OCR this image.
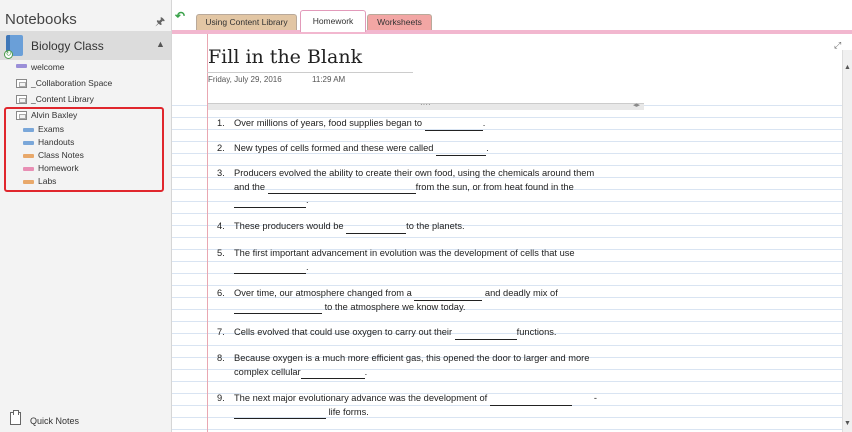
Notebooks	🖈
↻
Biology Class	▲
welcome
_Collaboration Space
_Content Library
Alvin Baxley
Exams
Handouts
Class Notes
Homework
Labs
Quick Notes
↶	Using Content Library	Homework	Worksheets
Fill in the Blank
Friday, July 29, 2016	11:29 AM
····	◂▸
1. Over millions of years, food supplies began to	.
2. New types of cells formed and these were called	.
3. Producers evolved the ability to create their own food, using the chemicals around them
and the	from the sun, or from heat found in the
.
4. These producers would be	to the planets.
5. The first important advancement in evolution was the development of cells that use
.
6. Over time, our atmosphere changed from a	and deadly mix of
to the atmosphere we know today.
7. Cells evolved that could use oxygen to carry out their	functions.
8. Because oxygen is a much more efficient gas, this opened the door to larger and more
complex cellular	.
9. The next major evolutionary advance was the development of	-
life forms.
⤢
▲
▼
